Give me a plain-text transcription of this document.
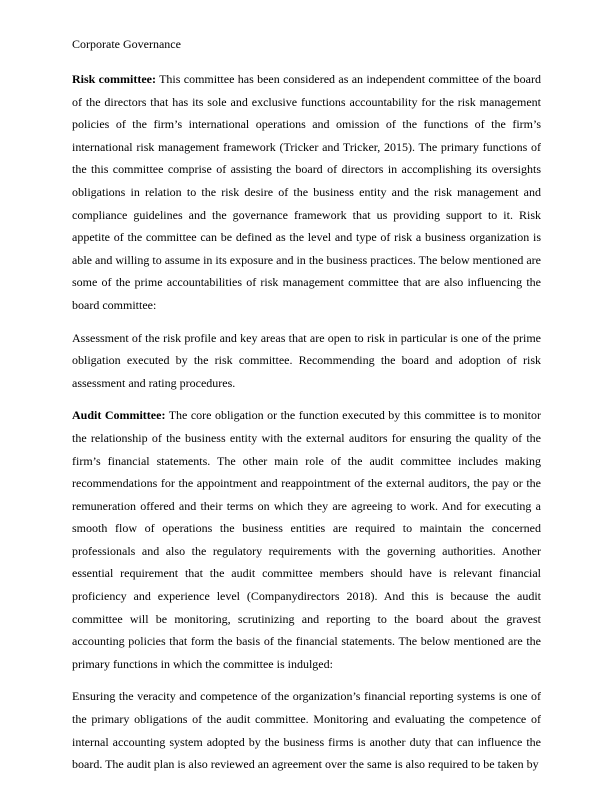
Corporate Governance

Risk committee: This committee has been considered as an independent committee of the board of the directors that has its sole and exclusive functions accountability for the risk management policies of the firm’s international operations and omission of the functions of the firm’s international risk management framework (Tricker and Tricker, 2015). The primary functions of the this committee comprise of assisting the board of directors in accomplishing its oversights obligations in relation to the risk desire of the business entity and the risk management and compliance guidelines and the governance framework that us providing support to it. Risk appetite of the committee can be defined as the level and type of risk a business organization is able and willing to assume in its exposure and in the business practices. The below mentioned are some of the prime accountabilities of risk management committee that are also influencing the board committee:

Assessment of the risk profile and key areas that are open to risk in particular is one of the prime obligation executed by the risk committee. Recommending the board and adoption of risk assessment and rating procedures.

Audit Committee: The core obligation or the function executed by this committee is to monitor the relationship of the business entity with the external auditors for ensuring the quality of the firm’s financial statements. The other main role of the audit committee includes making recommendations for the appointment and reappointment of the external auditors, the pay or the remuneration offered and their terms on which they are agreeing to work. And for executing a smooth flow of operations the business entities are required to maintain the concerned professionals and also the regulatory requirements with the governing authorities. Another essential requirement that the audit committee members should have is relevant financial proficiency and experience level (Companydirectors 2018). And this is because the audit committee will be monitoring, scrutinizing and reporting to the board about the gravest accounting policies that form the basis of the financial statements. The below mentioned are the primary functions in which the committee is indulged:

Ensuring the veracity and competence of the organization’s financial reporting systems is one of the primary obligations of the audit committee. Monitoring and evaluating the competence of internal accounting system adopted by the business firms is another duty that can influence the board. The audit plan is also reviewed an agreement over the same is also required to be taken by
